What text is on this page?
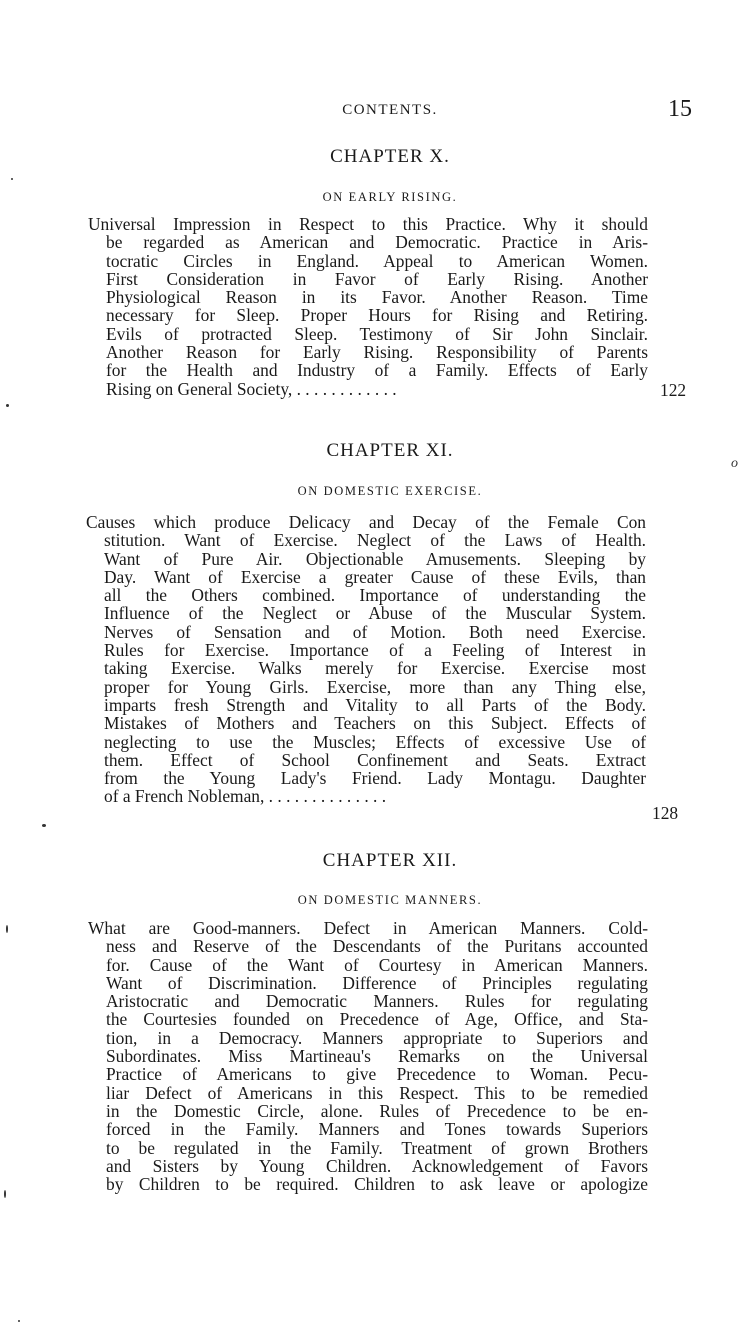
CONTENTS.	15
CHAPTER X.
ON EARLY RISING.
Universal Impression in Respect to this Practice. Why it should
be regarded as American and Democratic. Practice in Aris-
tocratic Circles in England. Appeal to American Women.
First Consideration in Favor of Early Rising. Another
Physiological Reason in its Favor. Another Reason. Time
necessary for Sleep. Proper Hours for Rising and Retiring.
Evils of protracted Sleep. Testimony of Sir John Sinclair.
Another Reason for Early Rising. Responsibility of Parents
for the Health and Industry of a Family. Effects of Early
Rising on General Society, . . . . . . . . . . . .	122
o
CHAPTER XI.
ON DOMESTIC EXERCISE.
Causes which produce Delicacy and Decay of the Female Con
stitution. Want of Exercise. Neglect of the Laws of Health.
Want of Pure Air. Objectionable Amusements. Sleeping by
Day. Want of Exercise a greater Cause of these Evils, than
all the Others combined. Importance of understanding the
Influence of the Neglect or Abuse of the Muscular System.
Nerves of Sensation and of Motion. Both need Exercise.
Rules for Exercise. Importance of a Feeling of Interest in
taking Exercise. Walks merely for Exercise. Exercise most
proper for Young Girls. Exercise, more than any Thing else,
imparts fresh Strength and Vitality to all Parts of the Body.
Mistakes of Mothers and Teachers on this Subject. Effects of
neglecting to use the Muscles; Effects of excessive Use of
them. Effect of School Confinement and Seats. Extract
from the Young Lady's Friend. Lady Montagu. Daughter
of a French Nobleman, . . . . . . . . . . . . . .
128
CHAPTER XII.
ON DOMESTIC MANNERS.
What are Good-manners. Defect in American Manners. Cold-
ness and Reserve of the Descendants of the Puritans accounted
for. Cause of the Want of Courtesy in American Manners.
Want of Discrimination. Difference of Principles regulating
Aristocratic and Democratic Manners. Rules for regulating
the Courtesies founded on Precedence of Age, Office, and Sta-
tion, in a Democracy. Manners appropriate to Superiors and
Subordinates. Miss Martineau's Remarks on the Universal
Practice of Americans to give Precedence to Woman. Pecu-
liar Defect of Americans in this Respect. This to be remedied
in the Domestic Circle, alone. Rules of Precedence to be en-
forced in the Family. Manners and Tones towards Superiors
to be regulated in the Family. Treatment of grown Brothers
and Sisters by Young Children. Acknowledgement of Favors
by Children to be required. Children to ask leave or apologize
